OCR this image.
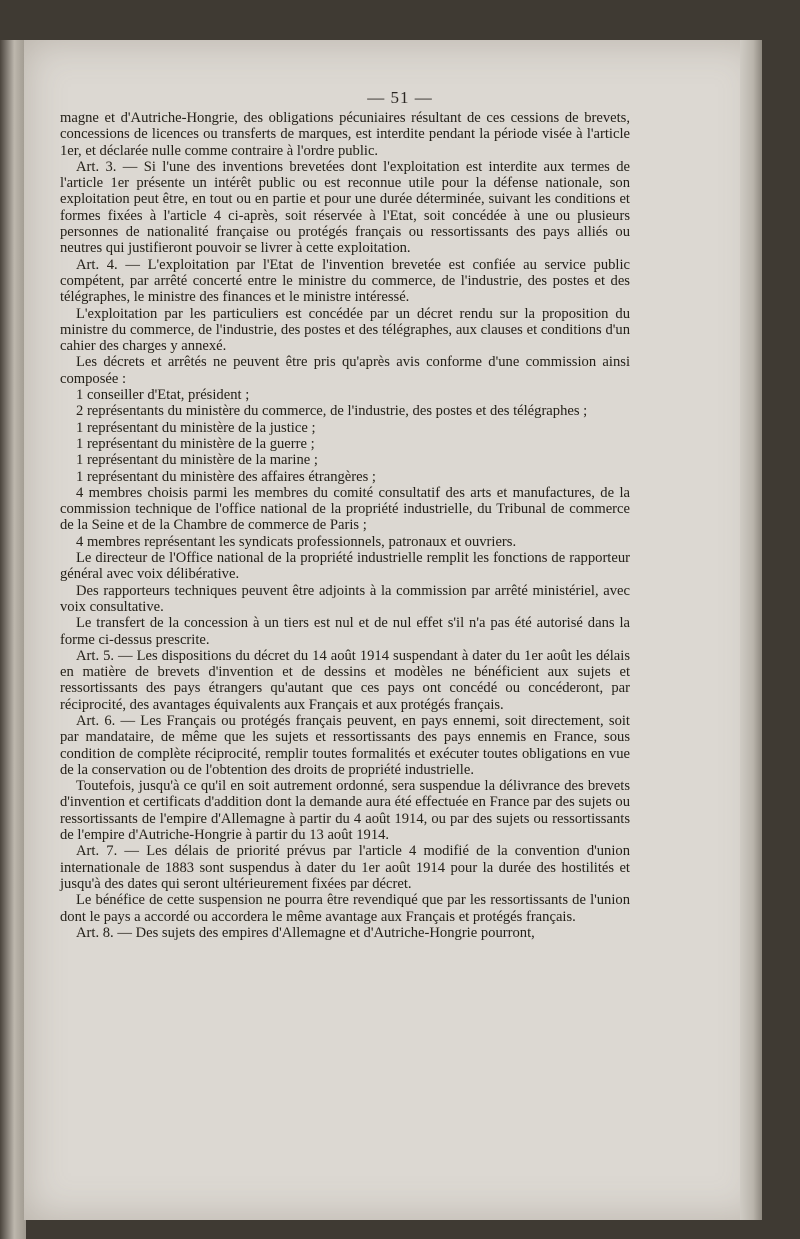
— 51 —

magne et d'Autriche-Hongrie, des obligations pécuniaires résultant de ces cessions de brevets, concessions de licences ou transferts de marques, est interdite pendant la période visée à l'article 1er, et déclarée nulle comme contraire à l'ordre public.

Art. 3. — Si l'une des inventions brevetées dont l'exploitation est interdite aux termes de l'article 1er présente un intérêt public ou est reconnue utile pour la défense nationale, son exploitation peut être, en tout ou en partie et pour une durée déterminée, suivant les conditions et formes fixées à l'article 4 ci-après, soit réservée à l'Etat, soit concédée à une ou plusieurs personnes de nationalité française ou protégés français ou ressortissants des pays alliés ou neutres qui justifieront pouvoir se livrer à cette exploitation.

Art. 4. — L'exploitation par l'Etat de l'invention brevetée est confiée au service public compétent, par arrêté concerté entre le ministre du commerce, de l'industrie, des postes et des télégraphes, le ministre des finances et le ministre intéressé.

L'exploitation par les particuliers est concédée par un décret rendu sur la proposition du ministre du commerce, de l'industrie, des postes et des télégraphes, aux clauses et conditions d'un cahier des charges y annexé.

Les décrets et arrêtés ne peuvent être pris qu'après avis conforme d'une commission ainsi composée :

1 conseiller d'Etat, président ;

2 représentants du ministère du commerce, de l'industrie, des postes et des télégraphes ;

1 représentant du ministère de la justice ;

1 représentant du ministère de la guerre ;

1 représentant du ministère de la marine ;

1 représentant du ministère des affaires étrangères ;

4 membres choisis parmi les membres du comité consultatif des arts et manufactures, de la commission technique de l'office national de la propriété industrielle, du Tribunal de commerce de la Seine et de la Chambre de commerce de Paris ;

4 membres représentant les syndicats professionnels, patronaux et ouvriers.

Le directeur de l'Office national de la propriété industrielle remplit les fonctions de rapporteur général avec voix délibérative.

Des rapporteurs techniques peuvent être adjoints à la commission par arrêté ministériel, avec voix consultative.

Le transfert de la concession à un tiers est nul et de nul effet s'il n'a pas été autorisé dans la forme ci-dessus prescrite.

Art. 5. — Les dispositions du décret du 14 août 1914 suspendant à dater du 1er août les délais en matière de brevets d'invention et de dessins et modèles ne bénéficient aux sujets et ressortissants des pays étrangers qu'autant que ces pays ont concédé ou concéderont, par réciprocité, des avantages équivalents aux Français et aux protégés français.

Art. 6. — Les Français ou protégés français peuvent, en pays ennemi, soit directement, soit par mandataire, de même que les sujets et ressortissants des pays ennemis en France, sous condition de complète réciprocité, remplir toutes formalités et exécuter toutes obligations en vue de la conservation ou de l'obtention des droits de propriété industrielle.

Toutefois, jusqu'à ce qu'il en soit autrement ordonné, sera suspendue la délivrance des brevets d'invention et certificats d'addition dont la demande aura été effectuée en France par des sujets ou ressortissants de l'empire d'Allemagne à partir du 4 août 1914, ou par des sujets ou ressortissants de l'empire d'Autriche-Hongrie à partir du 13 août 1914.

Art. 7. — Les délais de priorité prévus par l'article 4 modifié de la convention d'union internationale de 1883 sont suspendus à dater du 1er août 1914 pour la durée des hostilités et jusqu'à des dates qui seront ultérieurement fixées par décret.

Le bénéfice de cette suspension ne pourra être revendiqué que par les ressortissants de l'union dont le pays a accordé ou accordera le même avantage aux Français et protégés français.

Art. 8. — Des sujets des empires d'Allemagne et d'Autriche-Hongrie pourront,
